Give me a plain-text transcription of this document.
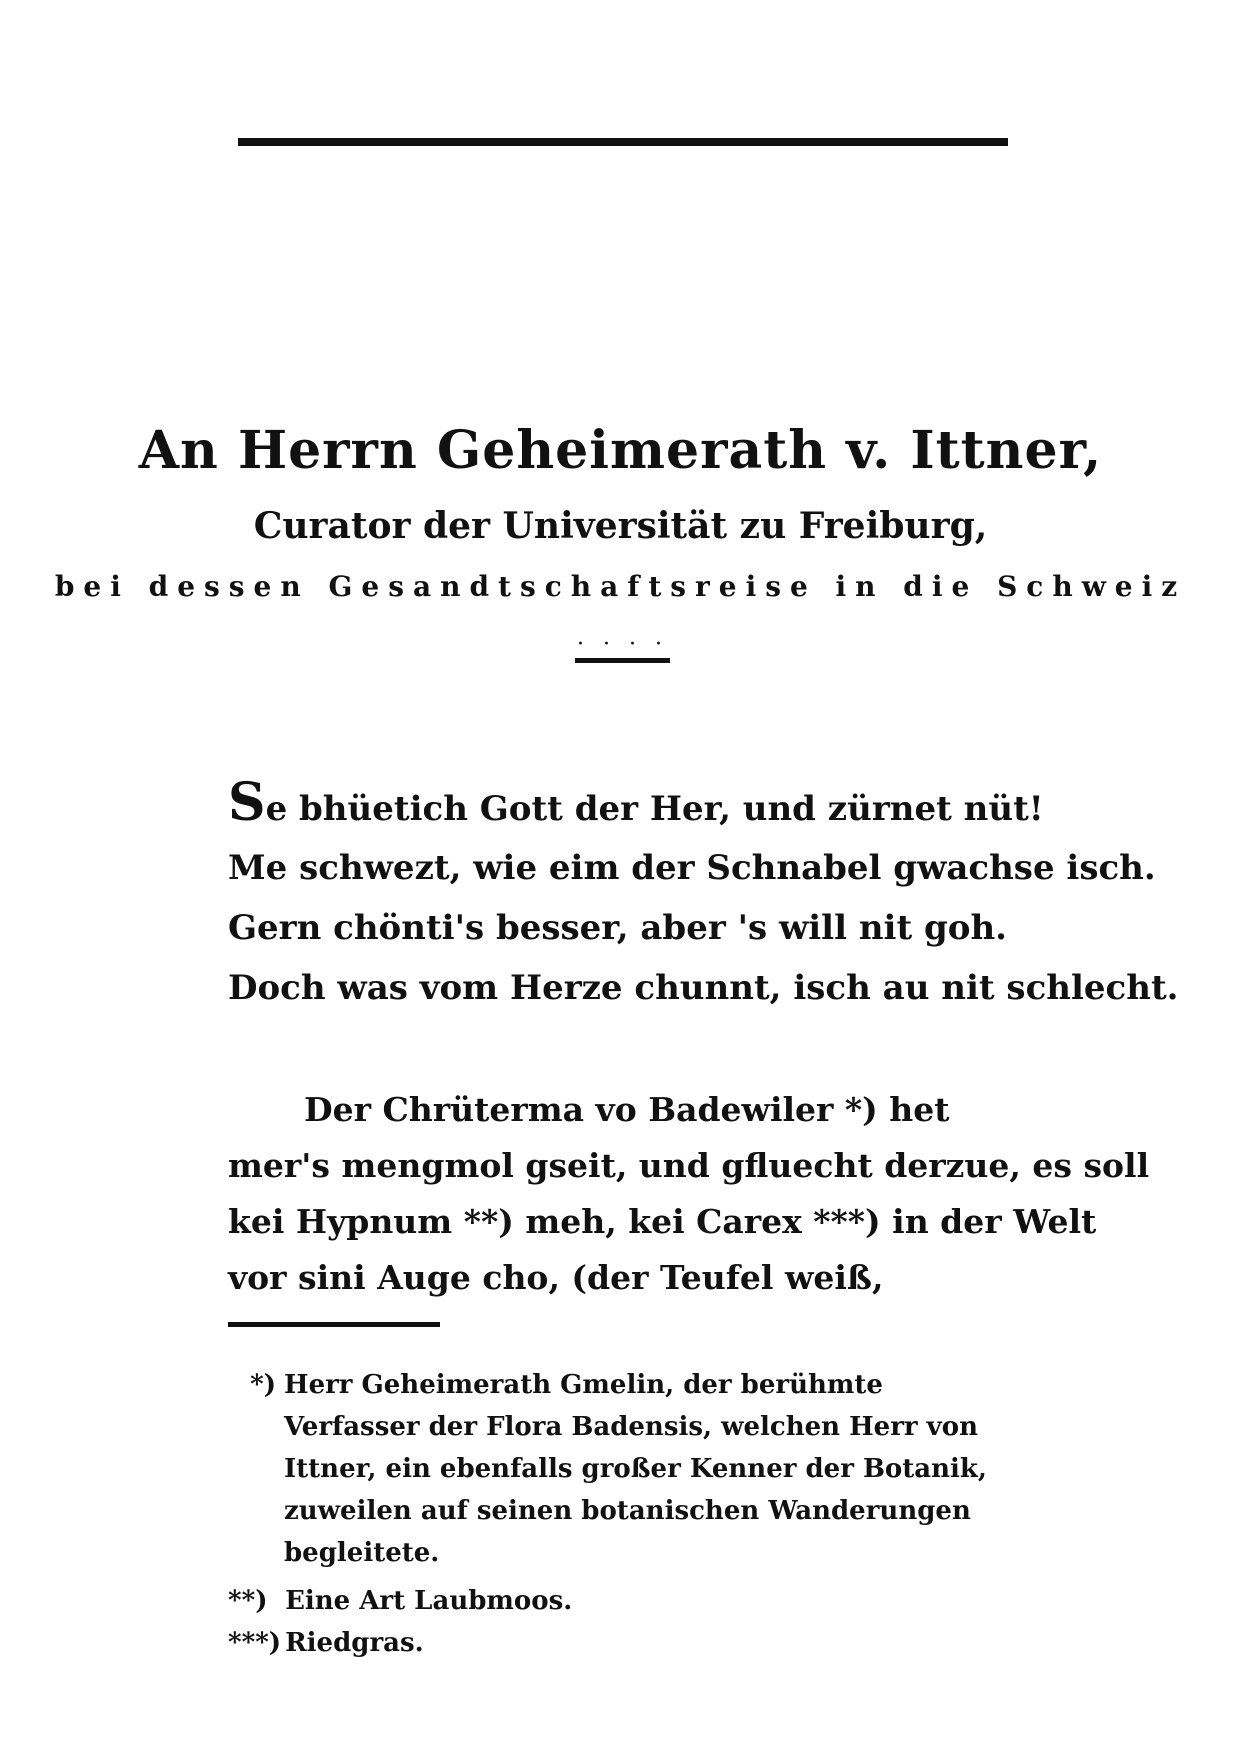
An Herrn Geheimerath v. Ittner,
Curator der Universität zu Freiburg,
bei dessen Gesandtschaftsreise in die Schweiz
· · · ·
Se bhüetich Gott der Her, und zürnet nüt!
Me schwezt, wie eim der Schnabel gwachse isch.
Gern chönti's besser, aber 's will nit goh.
Doch was vom Herze chunnt, isch au nit schlecht.
Der Chrüterma vo Badewiler *) het
mer's mengmol gseit, und gfluecht derzue, es soll
kei Hypnum **) meh, kei Carex ***) in der Welt
vor sini Auge cho, (der Teufel weiß,
*) Herr Geheimerath Gmelin, der berühmte Verfasser der Flora Badensis, welchen Herr von Ittner, ein ebenfalls großer Kenner der Botanik, zuweilen auf seinen botanischen Wanderungen begleitete.
**) Eine Art Laubmoos.
***) Riedgras.
